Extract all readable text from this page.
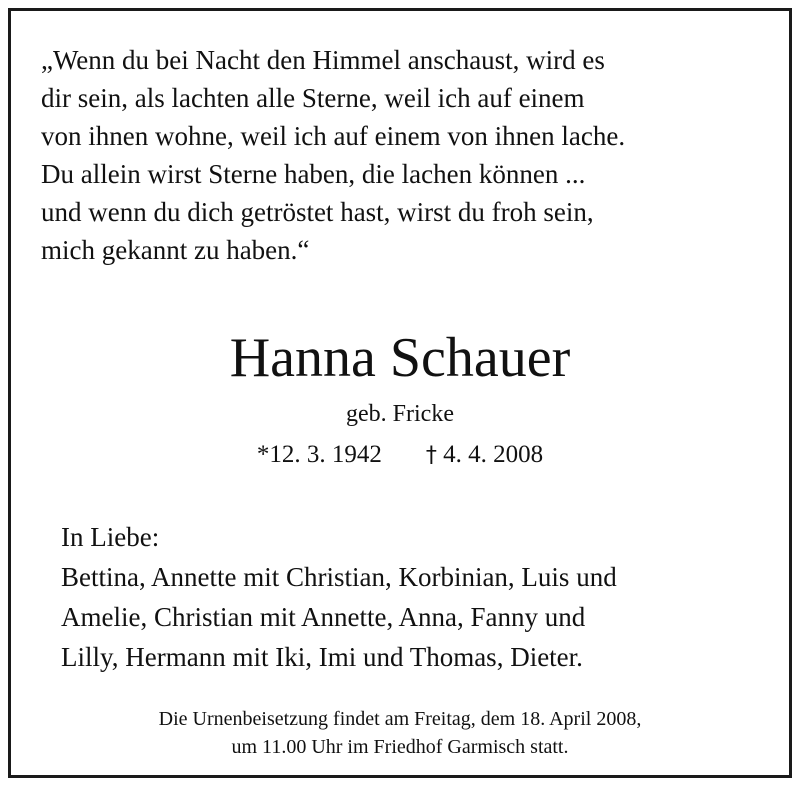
„Wenn du bei Nacht den Himmel anschaust, wird es
dir sein, als lachten alle Sterne, weil ich auf einem
von ihnen wohne, weil ich auf einem von ihnen lache.
Du allein wirst Sterne haben, die lachen können ...
und wenn du dich getröstet hast, wirst du froh sein,
mich gekannt zu haben.“
Hanna Schauer
geb. Fricke
*12. 3. 1942 † 4. 4. 2008
In Liebe:
Bettina, Annette mit Christian, Korbinian, Luis und
Amelie, Christian mit Annette, Anna, Fanny und
Lilly, Hermann mit Iki, Imi und Thomas, Dieter.
Die Urnenbeisetzung findet am Freitag, dem 18. April 2008,
um 11.00 Uhr im Friedhof Garmisch statt.
